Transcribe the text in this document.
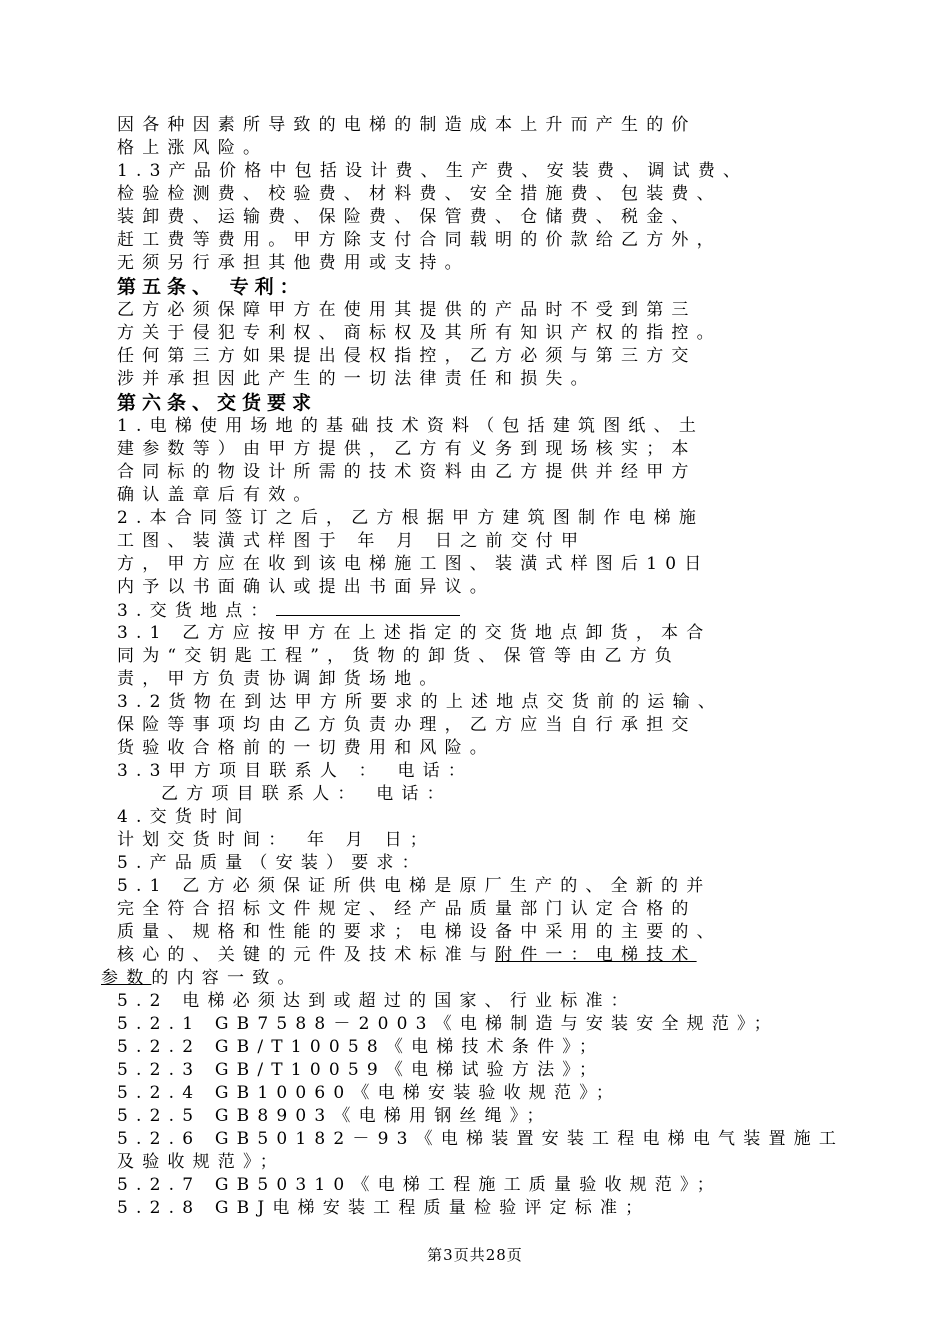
因各种因素所导致的电梯的制造成本上升而产生的价
格上涨风险。
1.3产品价格中包括设计费、生产费、安装费、调试费、
检验检测费、校验费、材料费、安全措施费、包装费、
装卸费、运输费、保险费、保管费、仓储费、税金、
赶工费等费用。甲方除支付合同载明的价款给乙方外，
无须另行承担其他费用或支持。
第五条、 专利：
乙方必须保障甲方在使用其提供的产品时不受到第三
方关于侵犯专利权、商标权及其所有知识产权的指控。
任何第三方如果提出侵权指控，乙方必须与第三方交
涉并承担因此产生的一切法律责任和损失。
第六条、交货要求
1.电梯使用场地的基础技术资料（包括建筑图纸、土
建参数等）由甲方提供，乙方有义务到现场核实；本
合同标的物设计所需的技术资料由乙方提供并经甲方
确认盖章后有效。
2.本合同签订之后，乙方根据甲方建筑图制作电梯施
工图、装潢式样图于 年 月 日之前交付甲
方，甲方应在收到该电梯施工图、装潢式样图后10日
内予以书面确认或提出书面异议。
3.交货地点：
3.1 乙方应按甲方在上述指定的交货地点卸货，本合
同为“交钥匙工程”，货物的卸货、保管等由乙方负
责，甲方负责协调卸货场地。
3.2货物在到达甲方所要求的上述地点交货前的运输、
保险等事项均由乙方负责办理，乙方应当自行承担交
货验收合格前的一切费用和风险。
3.3甲方项目联系人 ： 电话：
乙方项目联系人： 电话：
4.交货时间
计划交货时间： 年 月 日；
5.产品质量（安装）要求：
5.1 乙方必须保证所供电梯是原厂生产的、全新的并
完全符合招标文件规定、经产品质量部门认定合格的
质量、规格和性能的要求；电梯设备中采用的主要的、
核心的、关键的元件及技术标准与附件一：电梯技术
参数的内容一致。
5.2 电梯必须达到或超过的国家、行业标准：
5.2.1 GB7588－2003《电梯制造与安装安全规范》；
5.2.2 GB/T10058《电梯技术条件》；
5.2.3 GB/T10059《电梯试验方法》；
5.2.4 GB10060《电梯安装验收规范》；
5.2.5 GB8903《电梯用钢丝绳》；
5.2.6 GB50182－93《电梯装置安装工程电梯电气装置施工
及验收规范》；
5.2.7 GB50310《电梯工程施工质量验收规范》；
5.2.8 GBJ电梯安装工程质量检验评定标准；
第3页共28页
